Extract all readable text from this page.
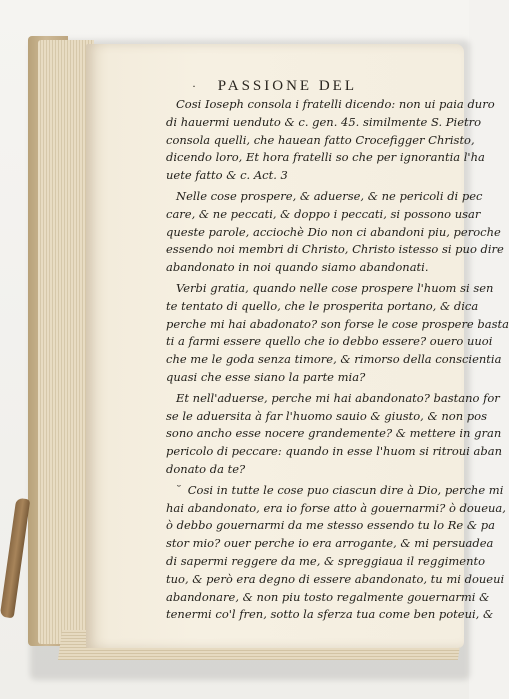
· PASSIONE DEL
Cosi Ioseph consola i fratelli dicendo: non ui paia duro
di hauermi uenduto & c. gen. 45. similmente S. Pietro
consola quelli, che hauean fatto Crocefigger Christo,
dicendo loro, Et hora fratelli so che per ignorantia l'ha
uete fatto & c. Act. 3
Nelle cose prospere, & aduerse, & ne pericoli di pec
care, & ne peccati, & doppo i peccati, si possono usar
queste parole, acciochè Dio non ci abandoni piu, peroche
essendo noi membri di Christo, Christo istesso si puo dire
abandonato in noi quando siamo abandonati.
Verbi gratia, quando nelle cose prospere l'huom si sen
te tentato di quello, che le prosperita portano, & dica
perche mi hai abadonato? son forse le cose prospere basta
ti a farmi essere quello che io debbo essere? ouero uuoi
che me le goda senza timore, & rimorso della conscientia
quasi che esse siano la parte mia?
Et nell'aduerse, perche mi hai abandonato? bastano for
se le aduersita à far l'huomo sauio & giusto, & non pos
sono ancho esse nocere grandemente? & mettere in gran
pericolo di peccare: quando in esse l'huom si ritroui aban
donato da te?
˘ Cosi in tutte le cose puo ciascun dire à Dio, perche mi
hai abandonato, era io forse atto à gouernarmi? ò doueua,
ò debbo gouernarmi da me stesso essendo tu lo Re & pa
stor mio? ouer perche io era arrogante, & mi persuadea
di sapermi reggere da me, & spreggiaua il reggimento
tuo, & però era degno di essere abandonato, tu mi doueui
abandonare, & non piu tosto regalmente gouernarmi &
tenermi co'l fren, sotto la sferza tua come ben poteui, &
